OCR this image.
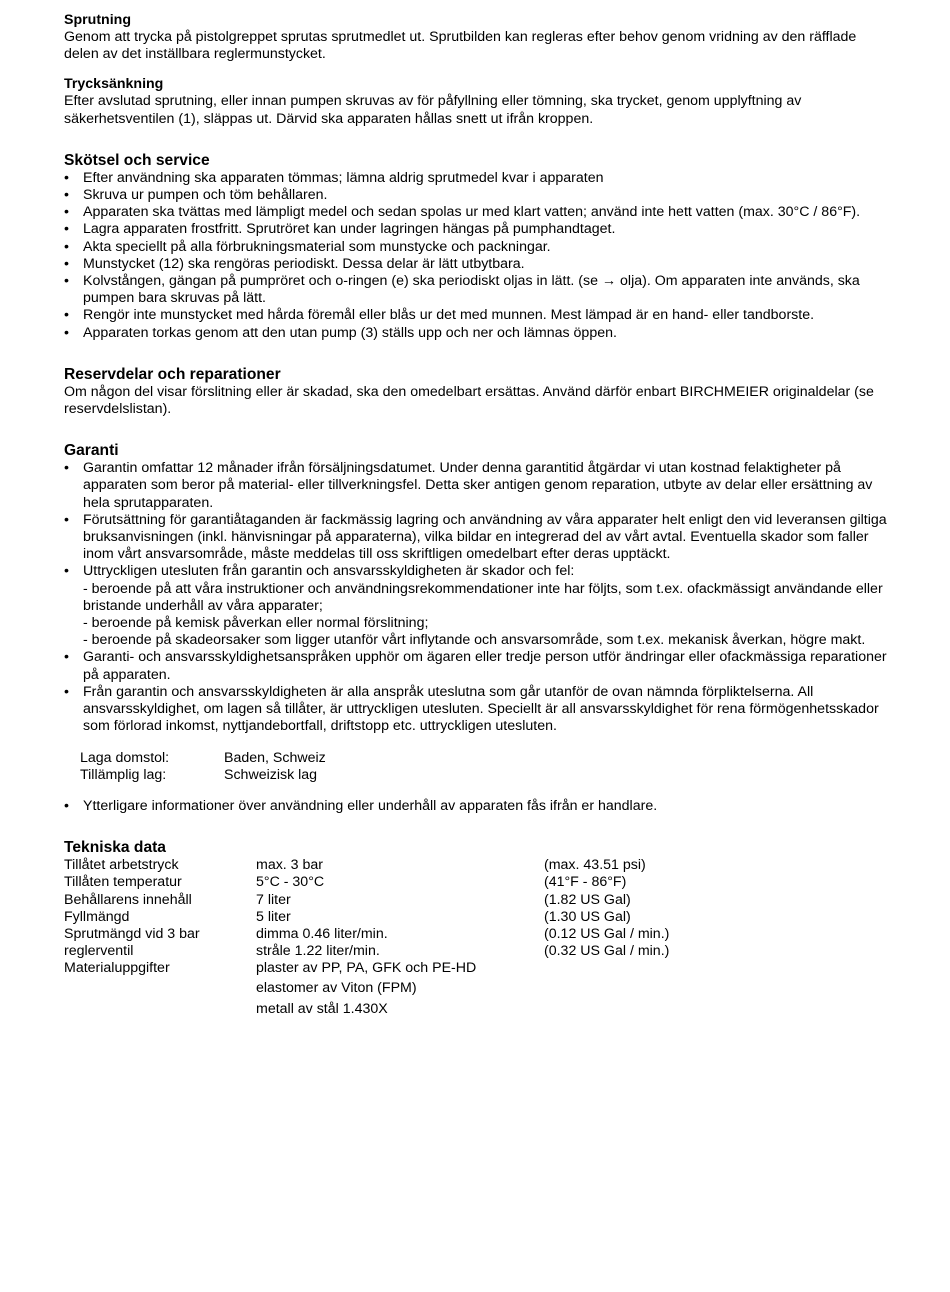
Sprutning

Genom att trycka på pistolgreppet sprutas sprutmedlet ut. Sprutbilden kan regleras efter behov genom vridning av den räfflade delen av det inställbara reglermunstycket.

Trycksänkning

Efter avslutad sprutning, eller innan pumpen skruvas av för påfyllning eller tömning, ska trycket, genom upplyftning av säkerhetsventilen (1), släppas ut. Därvid ska apparaten hållas snett ut ifrån kroppen.

Skötsel och service
• Efter användning ska apparaten tömmas; lämna aldrig sprutmedel kvar i apparaten
• Skruva ur pumpen och töm behållaren.
• Apparaten ska tvättas med lämpligt medel och sedan spolas ur med klart vatten; använd inte hett vatten (max. 30°C / 86°F).
• Lagra apparaten frostfritt. Sprutröret kan under lagringen hängas på pumphandtaget.
• Akta speciellt på alla förbrukningsmaterial som munstycke och packningar.
• Munstycket (12) ska rengöras periodiskt. Dessa delar är lätt utbytbara.
• Kolvstången, gängan på pumpröret och o-ringen (e) ska periodiskt oljas in lätt. (se → olja). Om apparaten inte används, ska pumpen bara skruvas på lätt.
• Rengör inte munstycket med hårda föremål eller blås ur det med munnen. Mest lämpad är en hand- eller tandborste.
• Apparaten torkas genom att den utan pump (3) ställs upp och ner och lämnas öppen.
Reservdelar och reparationer

Om någon del visar förslitning eller är skadad, ska den omedelbart ersättas. Använd därför enbart BIRCHMEIER originaldelar (se reservdelslistan).

Garanti
• Garantin omfattar 12 månader ifrån försäljningsdatumet. Under denna garantitid åtgärdar vi utan kostnad felaktigheter på apparaten som beror på material- eller tillverkningsfel. Detta sker antigen genom reparation, utbyte av delar eller ersättning av hela sprutapparaten.
• Förutsättning för garantiåtaganden är fackmässig lagring och användning av våra apparater helt enligt den vid leveransen giltiga bruksanvisningen (inkl. hänvisningar på apparaterna), vilka bildar en integrerad del av vårt avtal. Eventuella skador som faller inom vårt ansvarsområde, måste meddelas till oss skriftligen omedelbart efter deras upptäckt.
• Uttryckligen utesluten från garantin och ansvarsskyldigheten är skador och fel:
- beroende på att våra instruktioner och användningsrekommendationer inte har följts, som t.ex. ofackmässigt användande eller bristande underhåll av våra apparater;
- beroende på kemisk påverkan eller normal förslitning;
- beroende på skadeorsaker som ligger utanför vårt inflytande och ansvarsområde, som t.ex. mekanisk åverkan, högre makt.
• Garanti- och ansvarsskyldighetsanspråken upphör om ägaren eller tredje person utför ändringar eller ofackmässiga reparationer på apparaten.
• Från garantin och ansvarsskyldigheten är alla anspråk uteslutna som går utanför de ovan nämnda förpliktelserna. All ansvarsskyldighet, om lagen så tillåter, är uttryckligen utesluten. Speciellt är all ansvarsskyldighet för rena förmögenhetsskador som förlorad inkomst, nyttjandebortfall, driftstopp etc. uttryckligen utesluten.
Laga domstol:	Baden, Schweiz
Tillämplig lag:	Schweizisk lag
• Ytterligare informationer över användning eller underhåll av apparaten fås ifrån er handlare.
Tekniska data
Tillåtet arbetstryck	max. 3 bar	(max. 43.51 psi)
Tillåten temperatur	5°C - 30°C	(41°F - 86°F)
Behållarens innehåll	7 liter	(1.82 US Gal)
Fyllmängd	5 liter	(1.30 US Gal)
Sprutmängd vid 3 bar	dimma 0.46 liter/min.	(0.12 US Gal / min.)
reglerventil	stråle 1.22 liter/min.	(0.32 US Gal / min.)
Materialuppgifter	plaster av PP, PA, GFK och PE-HD
elastomer av Viton (FPM)
metall av stål 1.430X
